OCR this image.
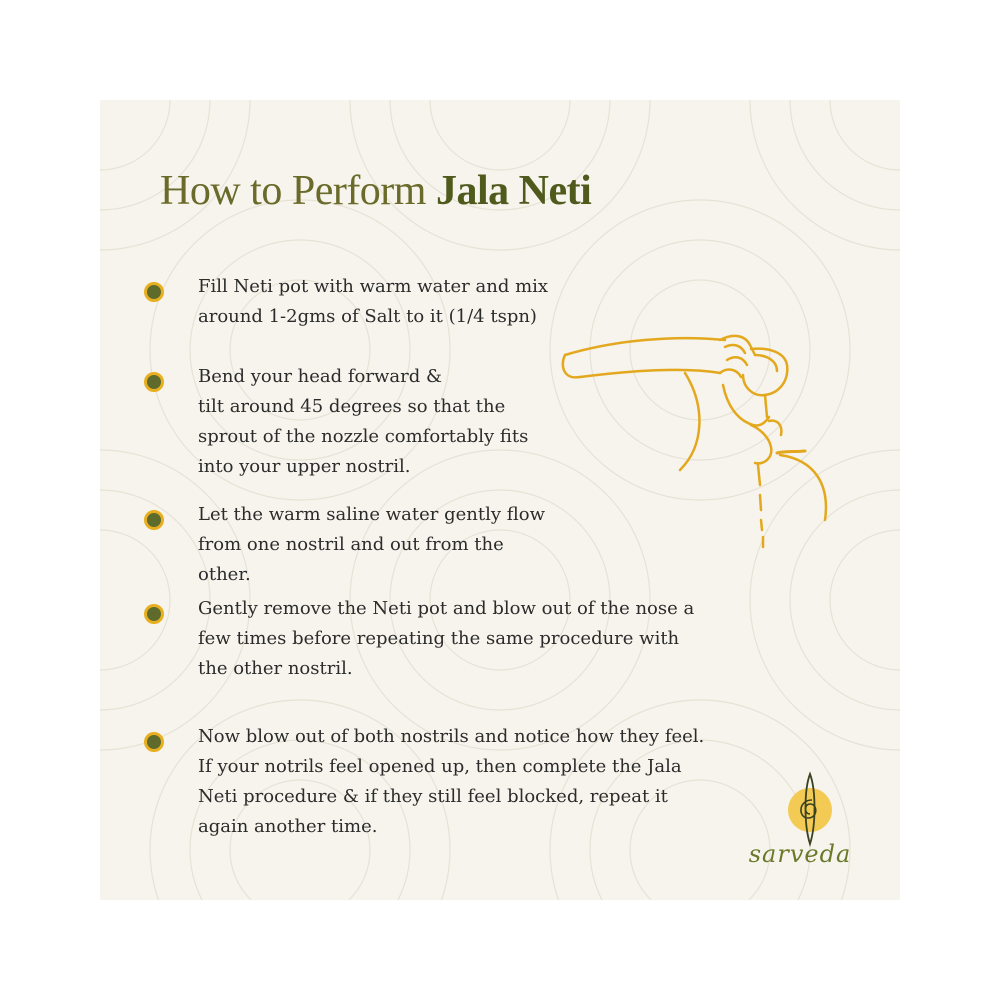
How to Perform Jala Neti

Fill Neti pot with warm water and mix
around 1-2gms of Salt to it (1/4 tspn)

Bend your head forward &
tilt around 45 degrees so that the
sprout of the nozzle comfortably fits
into your upper nostril.

Let the warm saline water gently flow
from one nostril and out from the
other.

Gently remove the Neti pot and blow out of the nose a
few times before repeating the same procedure with
the other nostril.

Now blow out of both nostrils and notice how they feel.
If your notrils feel opened up, then complete the Jala
Neti procedure & if they still feel blocked, repeat it
again another time.

sarveda
